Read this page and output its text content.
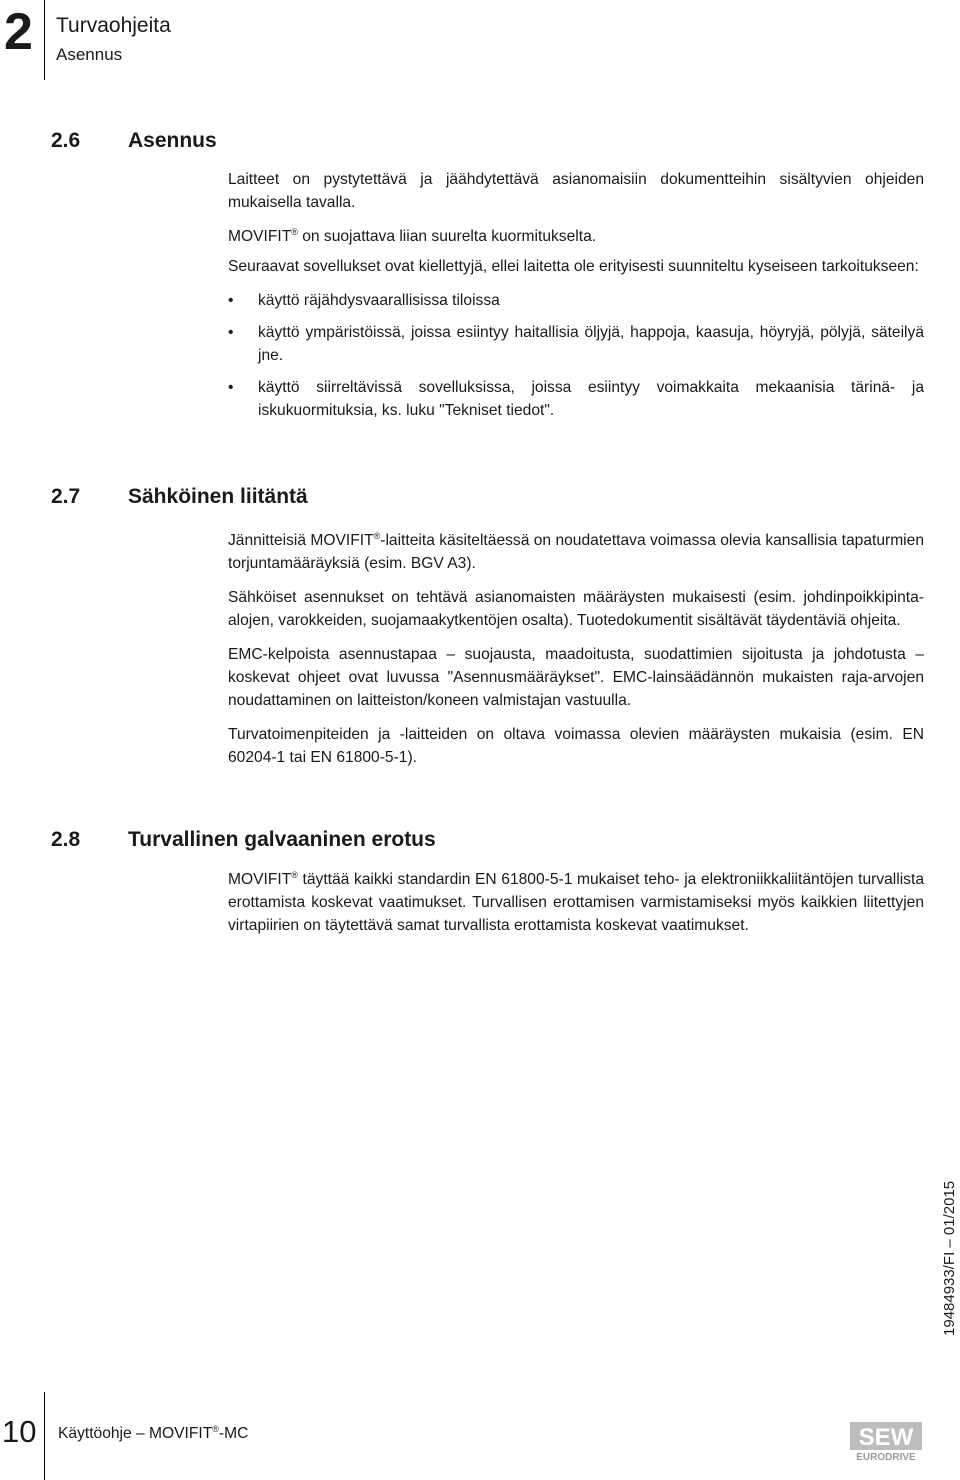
2 Turvaohjeita
Asennus
2.6 Asennus

Laitteet on pystytettävä ja jäähdytettävä asianomaisiin dokumentteihin sisältyvien ohjeiden mukaisella tavalla.

MOVIFIT® on suojattava liian suurelta kuormitukselta.

Seuraavat sovellukset ovat kiellettyjä, ellei laitetta ole erityisesti suunniteltu kyseiseen tarkoitukseen:

• käyttö räjähdysvaarallisissa tiloissa
• käyttö ympäristöissä, joissa esiintyy haitallisia öljyjä, happoja, kaasuja, höyryjä, pölyjä, säteilyä jne.
• käyttö siirreltävissä sovelluksissa, joissa esiintyy voimakkaita mekaanisia tärinä- ja iskukuormituksia, ks. luku "Tekniset tiedot".
2.7 Sähköinen liitäntä

Jännitteisiä MOVIFIT®-laitteita käsiteltäessä on noudatettava voimassa olevia kansallisia tapaturmien torjuntamääräyksiä (esim. BGV A3).

Sähköiset asennukset on tehtävä asianomaisten määräysten mukaisesti (esim. johdinpoikkipinta-alojen, varokkeiden, suojamaakytkentöjen osalta). Tuotedokumentit sisältävät täydentäviä ohjeita.

EMC-kelpoista asennustapaa – suojausta, maadoitusta, suodattimien sijoitusta ja johdotusta – koskevat ohjeet ovat luvussa "Asennusmääräykset". EMC-lainsäädännön mukaisten raja-arvojen noudattaminen on laitteiston/koneen valmistajan vastuulla.

Turvatoimenpiteiden ja -laitteiden on oltava voimassa olevien määräysten mukaisia (esim. EN 60204-1 tai EN 61800-5-1).

2.8 Turvallinen galvaaninen erotus

MOVIFIT® täyttää kaikki standardin EN 61800-5-1 mukaiset teho- ja elektroniikkaliitäntöjen turvallista erottamista koskevat vaatimukset. Turvallisen erottamisen varmistamiseksi myös kaikkien liitettyjen virtapiirien on täytettävä samat turvallista erottamista koskevat vaatimukset.

19484933/FI – 01/2015
10 Käyttöohje – MOVIFIT®-MC	SEW
EURODRIVE
